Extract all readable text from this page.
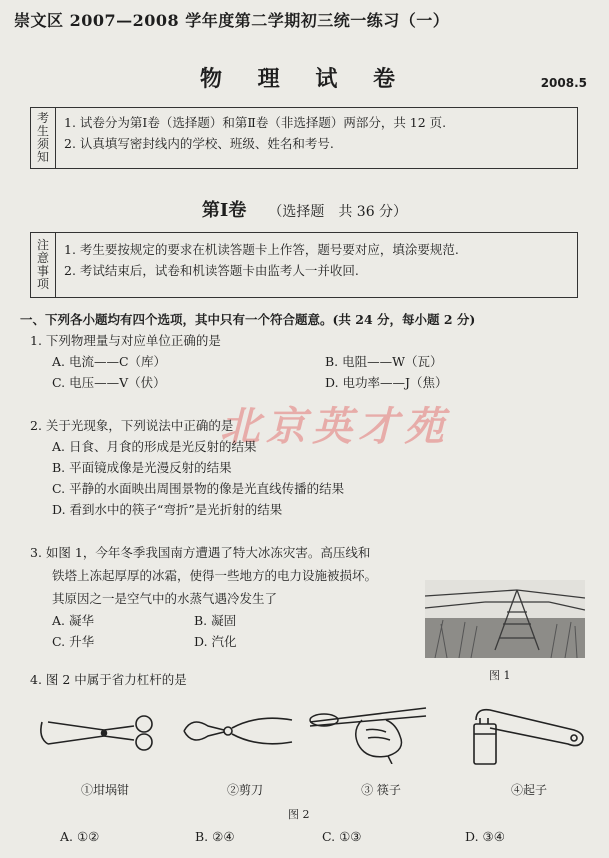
崇文区 2007—2008 学年度第二学期初三统一练习（一）
物 理 试 卷	2008.5
考
生
须
知
1. 试卷分为第Ⅰ卷（选择题）和第Ⅱ卷（非选择题）两部分，共 12 页.
2. 认真填写密封线内的学校、班级、姓名和考号.
第Ⅰ卷 （选择题　共 36 分）
注
意
事
项
1. 考生要按规定的要求在机读答题卡上作答，题号要对应，填涂要规范.
2. 考试结束后，试卷和机读答题卡由监考人一并收回.
一、下列各小题均有四个选项，其中只有一个符合题意。(共 24 分，每小题 2 分)
1. 下列物理量与对应单位正确的是
A. 电流——C（库）	B. 电阻——W（瓦）
C. 电压——V（伏）	D. 电功率——J（焦）
北京英才苑
2. 关于光现象，下列说法中正确的是
A. 日食、月食的形成是光反射的结果
B. 平面镜成像是光漫反射的结果
C. 平静的水面映出周围景物的像是光直线传播的结果
D. 看到水中的筷子“弯折”是光折射的结果
3. 如图 1，今年冬季我国南方遭遇了特大冰冻灾害。高压线和
铁塔上冻起厚厚的冰霜，使得一些地方的电力设施被损坏。
其原因之一是空气中的水蒸气遇冷发生了
A. 凝华	B. 凝固
C. 升华	D. 汽化
图 1
4. 图 2 中属于省力杠杆的是
①坩埚钳	②剪刀	③ 筷子	④起子
图 2
A. ①②	B. ②④	C. ①③	D. ③④
